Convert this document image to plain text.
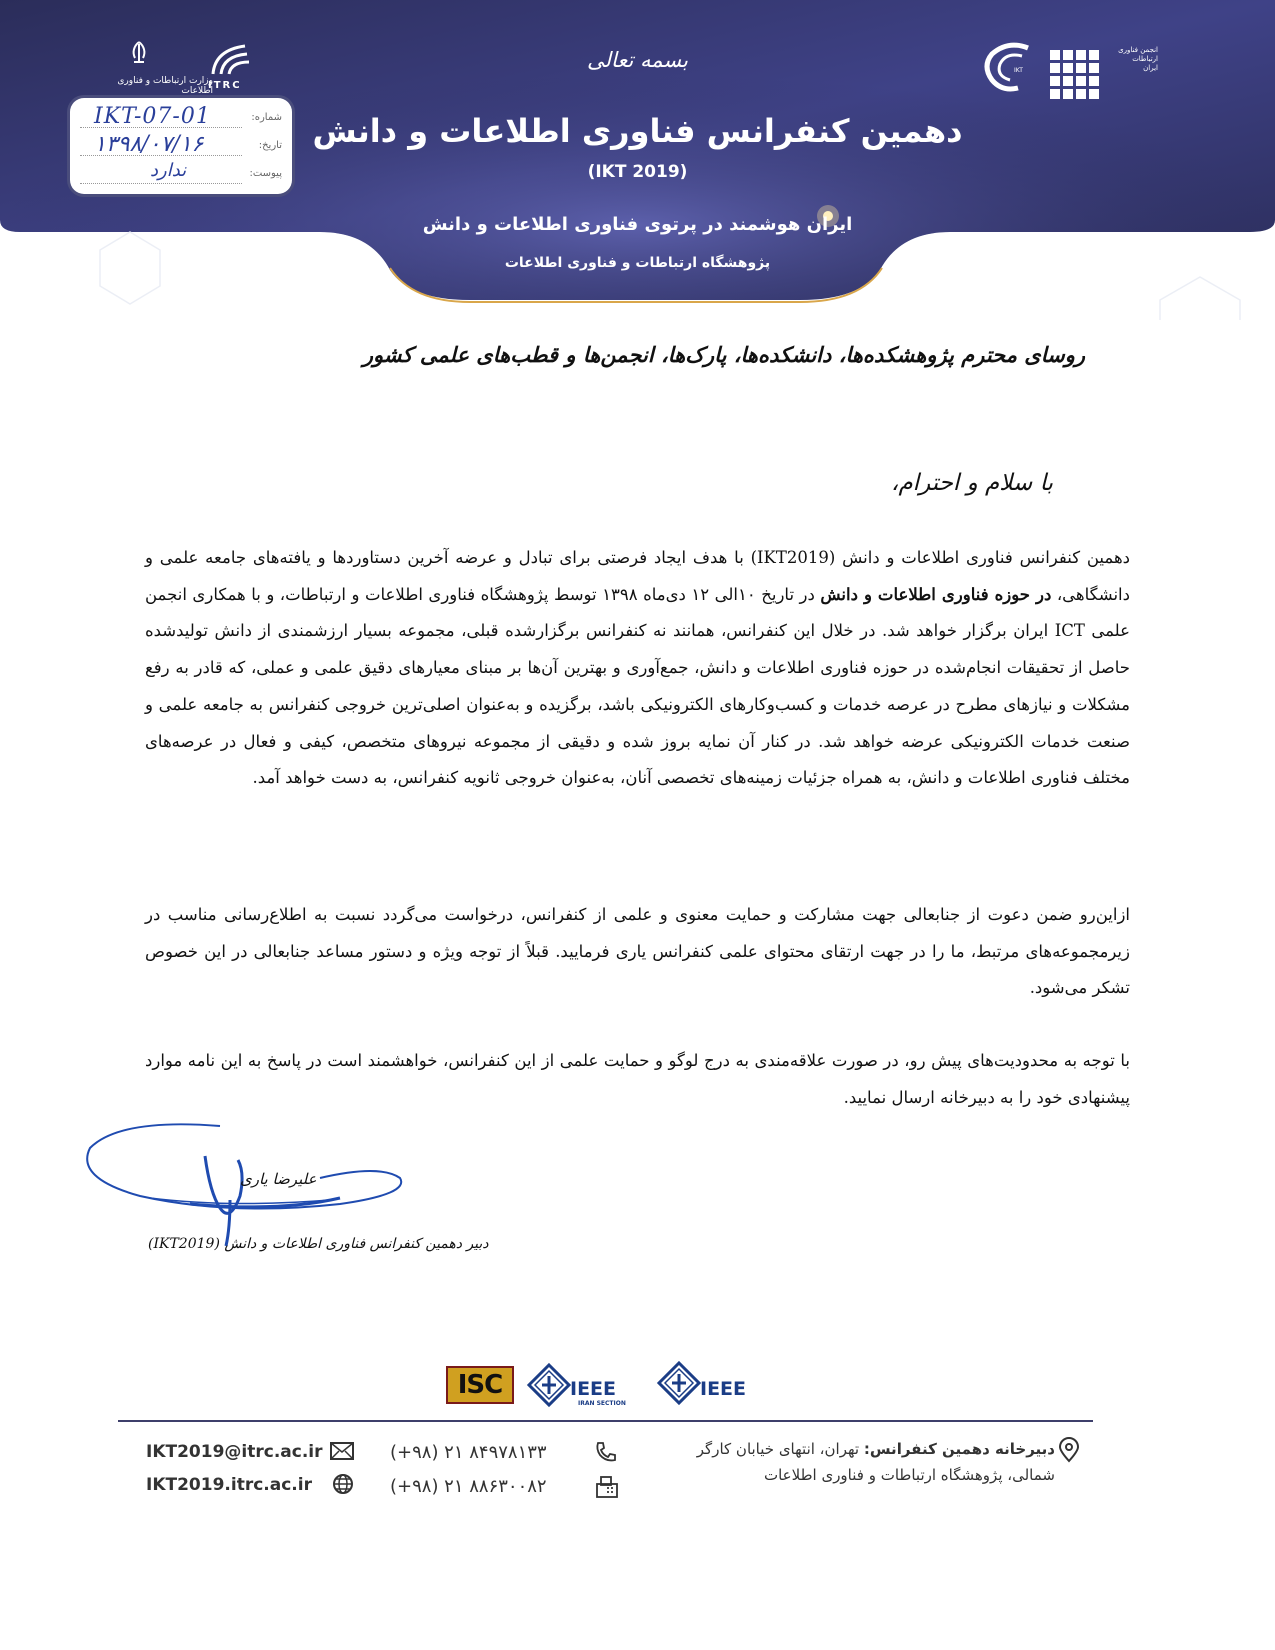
بسمه تعالی
دهمین کنفرانس فناوری اطلاعات و دانش
(IKT 2019)
ایران هوشمند در پرتوی فناوری اطلاعات و دانش
پژوهشگاه ارتباطات و فناوری اطلاعات
انجمن فناوری ارتباطات ایران
IKT
وزارت ارتباطات و فناوری اطلاعات
ITRC
شماره:
IKT-07-01
تاریخ:
۱۳۹۸/۰۷/۱۶
پیوست:
ندارد
روسای محترم پژوهشکده‌ها، دانشکده‌ها، پارک‌ها، انجمن‌ها و قطب‌های علمی کشور
با سلام و احترام،
دهمین کنفرانس فناوری اطلاعات و دانش (IKT2019) با هدف ایجاد فرصتی برای تبادل و عرضه آخرین دستاوردها و یافته‌های جامعه علمی و دانشگاهی، در حوزه فناوری اطلاعات و دانش در تاریخ ۱۰الی ۱۲ دی‌ماه ۱۳۹۸ توسط پژوهشگاه فناوری اطلاعات و ارتباطات، و با همکاری انجمن علمی ICT ایران برگزار خواهد شد. در خلال این کنفرانس، همانند نه کنفرانس برگزارشده قبلی، مجموعه بسیار ارزشمندی از دانش تولیدشده حاصل از تحقیقات انجام‌شده در حوزه فناوری اطلاعات و دانش، جمع‌آوری و بهترین آن‌ها بر مبنای معیارهای دقیق علمی و عملی، که قادر به رفع مشکلات و نیازهای مطرح در عرصه خدمات و کسب‌وکارهای الکترونیکی باشد، برگزیده و به‌عنوان اصلی‌ترین خروجی کنفرانس به جامعه علمی و صنعت خدمات الکترونیکی عرضه خواهد شد. در کنار آن نمایه بروز شده و دقیقی از مجموعه نیروهای متخصص، کیفی و فعال در عرصه‌های مختلف فناوری اطلاعات و دانش، به همراه جزئیات زمینه‌های تخصصی آنان، به‌عنوان خروجی ثانویه کنفرانس، به دست خواهد آمد.
ازاین‌رو ضمن دعوت از جنابعالی جهت مشارکت و حمایت معنوی و علمی از کنفرانس، درخواست می‌گردد نسبت به اطلاع‌رسانی مناسب در زیرمجموعه‌های مرتبط، ما را در جهت ارتقای محتوای علمی کنفرانس یاری فرمایید. قبلاً از توجه ویژه و دستور مساعد جنابعالی در این خصوص تشکر می‌شود.
با توجه به محدودیت‌های پیش رو، در صورت علاقه‌مندی به درج لوگو و حمایت علمی از این کنفرانس، خواهشمند است در پاسخ به این نامه موارد پیشنهادی خود را به دبیرخانه ارسال نمایید.
علیرضا یاری
دبیر دهمین کنفرانس فناوری اطلاعات و دانش (IKT2019)
ISC	IEEE
IRAN SECTION
IEEE
IKT2019@itrc.ac.ir
IKT2019.itrc.ac.ir
(+۹۸) ۲۱ ۸۴۹۷۸۱۳۳
(+۹۸) ۲۱ ۸۸۶۳۰۰۸۲
دبیرخانه دهمین کنفرانس: تهران، انتهای خیابان کارگر
شمالی، پژوهشگاه ارتباطات و فناوری اطلاعات
